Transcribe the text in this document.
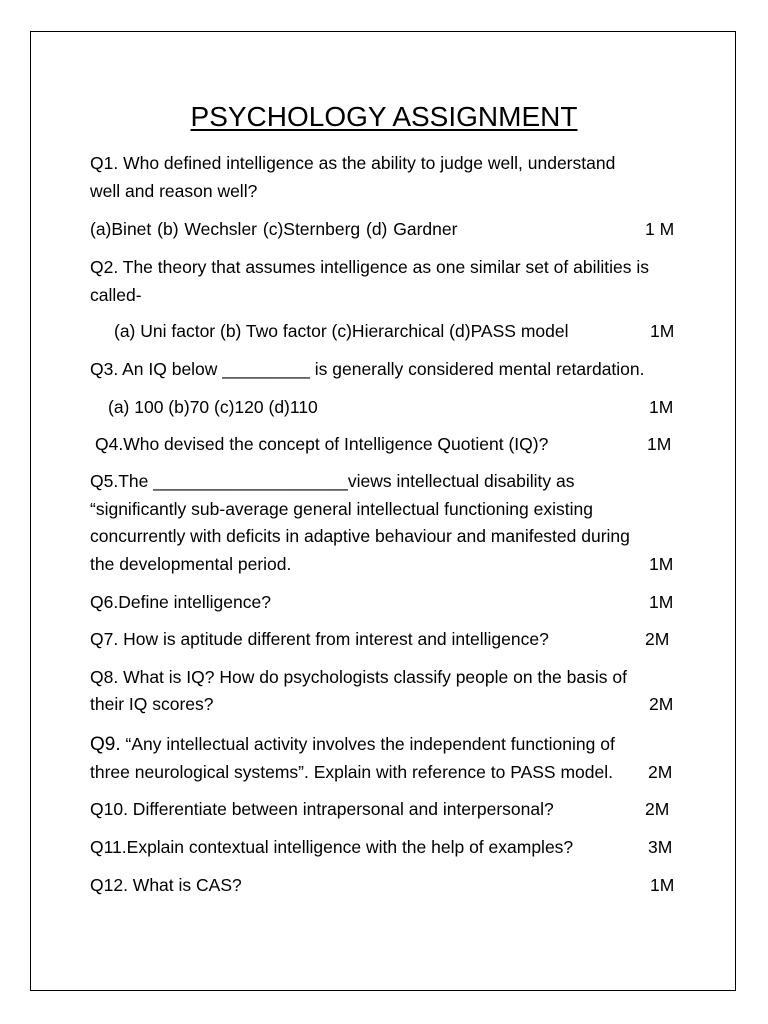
PSYCHOLOGY ASSIGNMENT
Q1. Who defined intelligence as the ability to judge well, understand
well and reason well?
(a)Binet (b) Wechsler (c)Sternberg (d) Gardner	1 M
Q2. The theory that assumes intelligence as one similar set of abilities is
called-
(a) Uni factor (b) Two factor (c)Hierarchical (d)PASS model	1M
Q3. An IQ below _________ is generally considered mental retardation.
(a) 100 (b)70 (c)120 (d)110	1M
Q4.Who devised the concept of Intelligence Quotient (IQ)?	1M
Q5.The ____________________views intellectual disability as
“significantly sub-average general intellectual functioning existing
concurrently with deficits in adaptive behaviour and manifested during
the developmental period.	1M
Q6.Define intelligence?	1M
Q7. How is aptitude different from interest and intelligence?	2M
Q8. What is IQ? How do psychologists classify people on the basis of
their IQ scores?	2M
Q9. “Any intellectual activity involves the independent functioning of
three neurological systems”. Explain with reference to PASS model. 2M
Q10. Differentiate between intrapersonal and interpersonal?	2M
Q11.Explain contextual intelligence with the help of examples?	3M
Q12. What is CAS?	1M
